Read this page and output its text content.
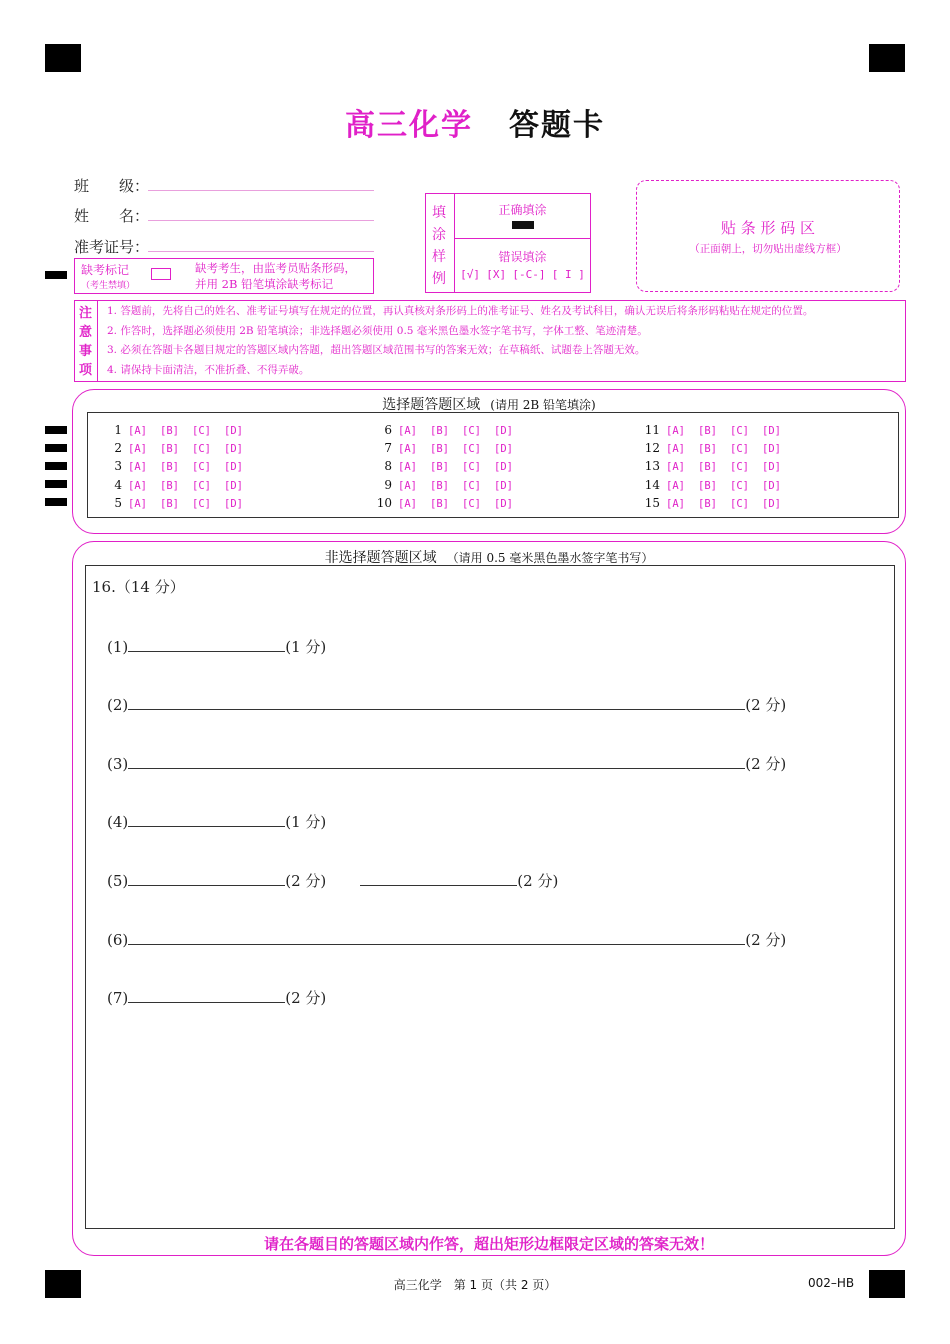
高三化学 答题卡
班　　级：
姓　　名：
准考证号：
缺考标记
（考生禁填）
缺考考生，由监考员贴条形码，
并用 2B 铅笔填涂缺考标记
填
涂
样
例
正确填涂
错误填涂
[√] [X] [-C-] [ I ]
贴 条 形 码 区
（正面朝上，切勿贴出虚线方框）
注
意
事
项

1. 答题前，先将自己的姓名、准考证号填写在规定的位置，再认真核对条形码上的准考证号、姓名及考试科目，确认无误后将条形码粘贴在规定的位置。

2. 作答时，选择题必须使用 2B 铅笔填涂；非选择题必须使用 0.5 毫米黑色墨水签字笔书写，字体工整、笔迹清楚。

3. 必须在答题卡各题目规定的答题区域内答题，超出答题区域范围书写的答案无效；在草稿纸、试题卷上答题无效。

4. 请保持卡面清洁，不准折叠、不得弄破。

选择题答题区域 (请用 2B 铅笔填涂)
1 [A] [B] [C] [D]
2 [A] [B] [C] [D]
3 [A] [B] [C] [D]
4 [A] [B] [C] [D]
5 [A] [B] [C] [D]
6 [A] [B] [C] [D]
7 [A] [B] [C] [D]
8 [A] [B] [C] [D]
9 [A] [B] [C] [D]
10 [A] [B] [C] [D]
11 [A] [B] [C] [D]
12 [A] [B] [C] [D]
13 [A] [B] [C] [D]
14 [A] [B] [C] [D]
15 [A] [B] [C] [D]
非选择题答题区域 （请用 0.5 毫米黑色墨水签字笔书写）
请在各题目的答题区域内作答，超出矩形边框限定区域的答案无效！
16.（14 分）
(1)	(1 分)
(2)	(2 分)
(3)	(2 分)
(4)	(1 分)
(5)	(2 分)	(2 分)
(6)	(2 分)
(7)	(2 分)
高三化学　第 1 页（共 2 页）	002–HB
